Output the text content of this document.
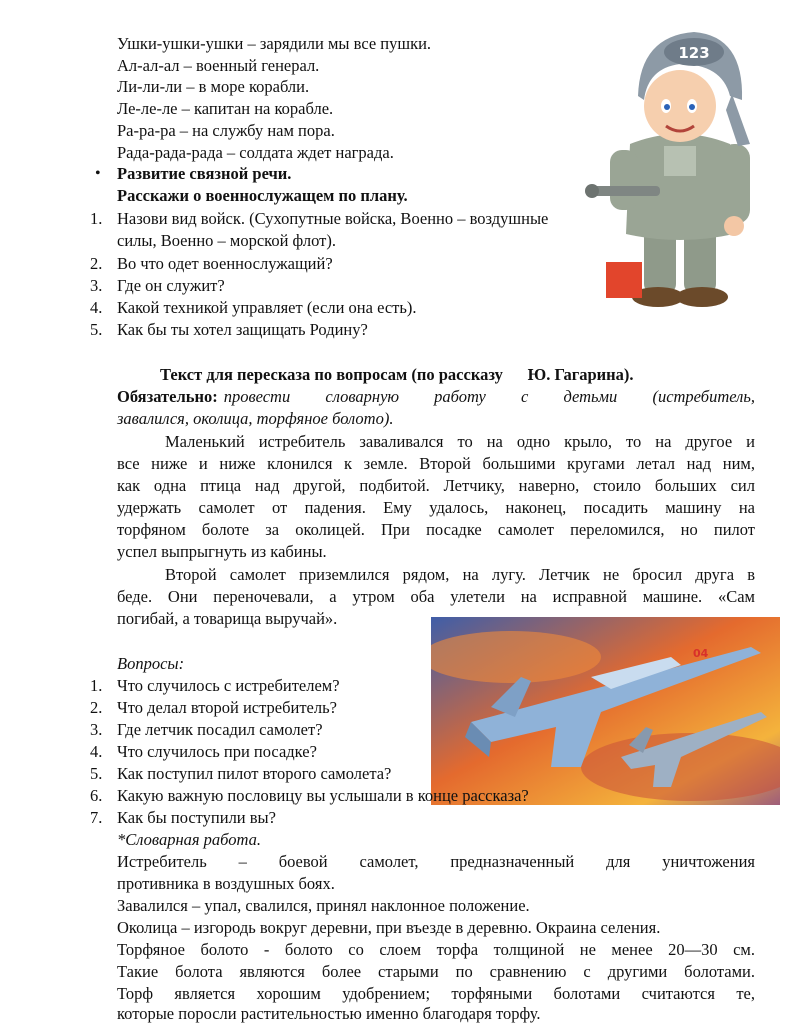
123
04
Ушки-ушки-ушки – зарядили мы все пушки.
Ал-ал-ал – военный генерал.
Ли-ли-ли – в море корабли.
Ле-ле-ле – капитан на корабле.
Ра-ра-ра – на службу нам пора.
Рада-рада-рада – солдата ждет награда.
• Развитие связной речи.
Расскажи о военнослужащем по плану.
1. Назови вид войск. (Сухопутные войска, Военно – воздушные
силы, Военно – морской флот).
2. Во что одет военнослужащий?
3. Где он служит?
4. Какой техникой управляет (если она есть).
5. Как бы ты хотел защищать Родину?
Текст для пересказа по вопросам (по рассказу      Ю. Гагарина).
Обязательно: провести словарную работу с детьми (истребитель,
завалился, околица, торфяное болото).
Маленький истребитель заваливался то на одно крыло, то на другое и
все ниже и ниже клонился к земле. Второй большими кругами летал над ним,
как одна птица над другой, подбитой. Летчику, наверно, стоило больших сил
удержать самолет от падения. Ему удалось, наконец, посадить машину на
торфяном болоте за околицей. При посадке самолет переломился, но пилот
успел выпрыгнуть из кабины.
Второй самолет приземлился рядом, на лугу. Летчик не бросил друга в
беде. Они переночевали, а утром оба улетели на исправной машине. «Сам
погибай, а товарища выручай».
Вопросы:
1. Что случилось с истребителем?
2. Что делал второй истребитель?
3. Где летчик посадил самолет?
4. Что случилось при посадке?
5. Как поступил пилот второго самолета?
6. Какую важную пословицу вы услышали в конце рассказа?
7. Как бы поступили вы?
*Словарная работа.
Истребитель – боевой самолет, предназначенный для уничтожения
противника в воздушных боях.
Завалился – упал, свалился, принял наклонное положение.
Околица – изгородь вокруг деревни, при въезде в деревню. Окраина селения.
Торфяное болото - болото со слоем торфа толщиной не менее 20—30 см.
Такие болота являются более старыми по сравнению с другими болотами.
Торф является хорошим удобрением; торфяными болотами считаются те,
которые поросли растительностью именно благодаря торфу.
